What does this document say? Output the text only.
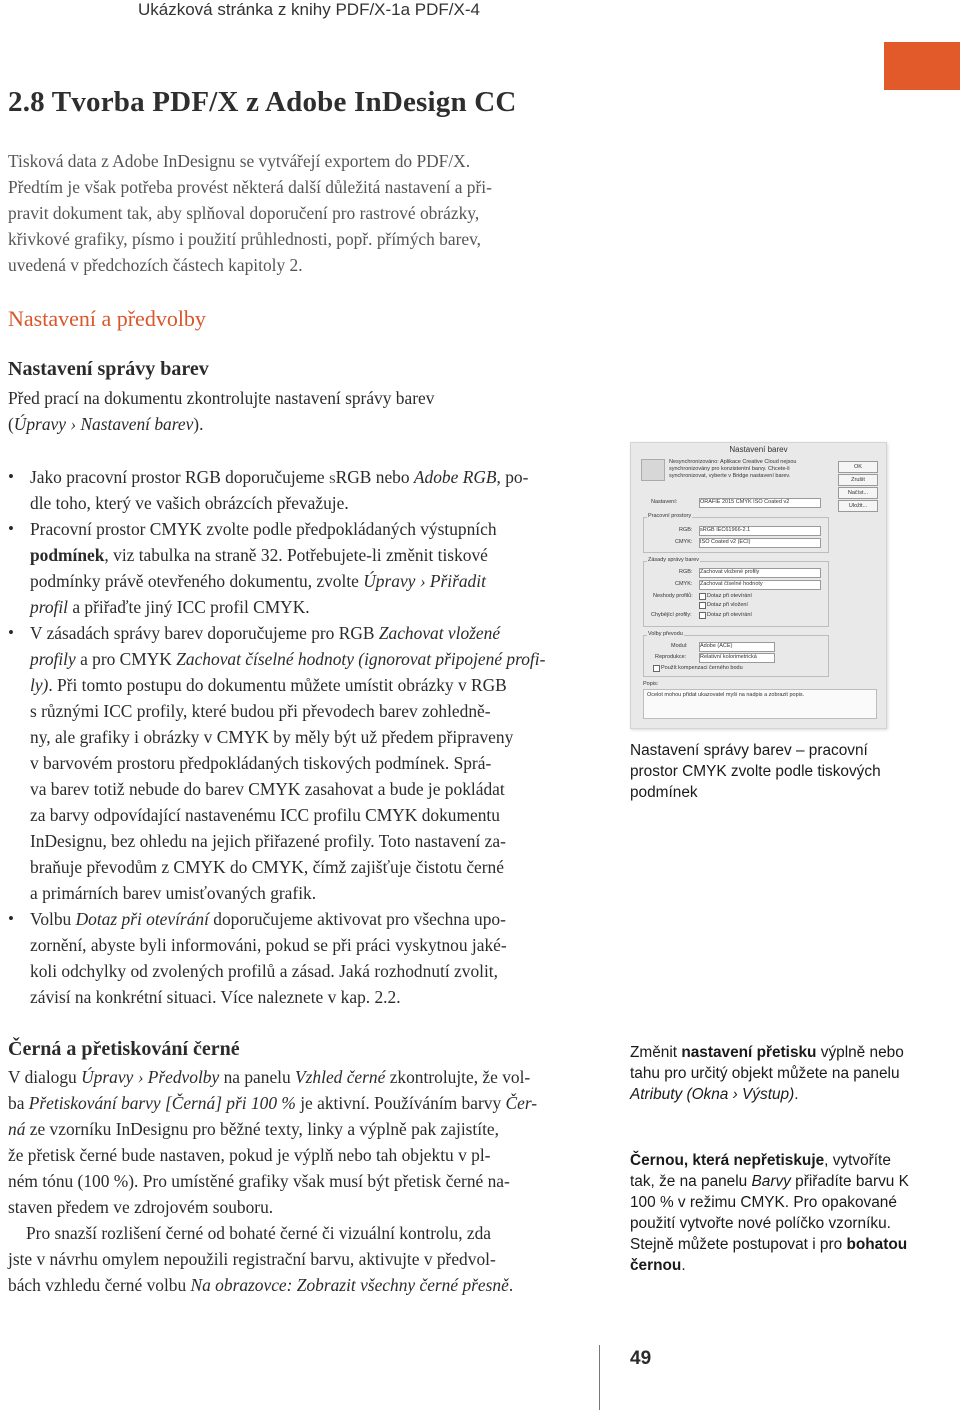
Ukázková stránka z knihy PDF/X-1a PDF/X-4
2.8 Tvorba PDF/X z Adobe InDesign CC

Tisková data z Adobe InDesignu se vytvářejí exportem do PDF/X.

Předtím je však potřeba provést některá další důležitá nastavení a při-

pravit dokument tak, aby splňoval doporučení pro rastrové obrázky,

křivkové grafiky, písmo i použití průhlednosti, popř. přímých barev,

uvedená v předchozích částech kapitoly 2.

Nastavení a předvolby
Nastavení správy barev

Před prací na dokumentu zkontrolujte nastavení správy barev

(Úpravy › Nastavení barev).

• Jako pracovní prostor RGB doporučujeme sRGB nebo Adobe RGB, po-

dle toho, který ve vašich obrázcích převažuje.

• Pracovní prostor CMYK zvolte podle předpokládaných výstupních

podmínek, viz tabulka na straně 32. Potřebujete-li změnit tiskové

podmínky právě otevřeného dokumentu, zvolte Úpravy › Přiřadit

profil a přiřaďte jiný ICC profil CMYK.

• V zásadách správy barev doporučujeme pro RGB Zachovat vložené

profily a pro CMYK Zachovat číselné hodnoty (ignorovat připojené profi-

ly). Při tomto postupu do dokumentu můžete umístit obrázky v RGB

s různými ICC profily, které budou při převodech barev zohledně-

ny, ale grafiky i obrázky v CMYK by měly být už předem připraveny

v barvovém prostoru předpokládaných tiskových podmínek. Sprá-

va barev totiž nebude do barev CMYK zasahovat a bude je pokládat

za barvy odpovídající nastavenému ICC profilu CMYK dokumentu

InDesignu, bez ohledu na jejich přiřazené profily. Toto nastavení za-

braňuje převodům z CMYK do CMYK, čímž zajišťuje čistotu černé

a primárních barev umisťovaných grafik.

• Volbu Dotaz při otevírání doporučujeme aktivovat pro všechna upo-

zornění, abyste byli informováni, pokud se při práci vyskytnou jaké-

koli odchylky od zvolených profilů a zásad. Jaká rozhodnutí zvolit,

závisí na konkrétní situaci. Více naleznete v kap. 2.2.

Černá a přetiskování černé

V dialogu Úpravy › Předvolby na panelu Vzhled černé zkontrolujte, že vol-

ba Přetiskování barvy [Černá] při 100 % je aktivní. Používáním barvy Čer-

ná ze vzorníku InDesignu pro běžné texty, linky a výplně pak zajistíte,

že přetisk černé bude nastaven, pokud je výplň nebo tah objektu v pl-

ném tónu (100 %). Pro umístěné grafiky však musí být přetisk černé na-

staven předem ve zdrojovém souboru.

Pro snazší rozlišení černé od bohaté černé či vizuální kontrolu, zda

jste v návrhu omylem nepoužili registrační barvu, aktivujte v předvol-

bách vzhledu černé volbu Na obrazovce: Zobrazit všechny černé přesně.

Nastavení barev
Nesynchronizováno: Aplikace Creative Cloud nejsou synchronizovány pro konzistentní barvy. Chcete-li synchronizovat, vyberte v Bridge nastavení barev.
OK
Zrušit
Načíst...
Uložit...
Nastavení:	ORAFIE 2015 CMYK ISO Coated v2
Pracovní prostory
RGB: sRGB IEC61966-2.1
CMYK: ISO Coated v2 (ECI)
Zásady správy barev
RGB: Zachovat vložené profily
CMYK: Zachovat číselné hodnoty
Neshody profilů:	Dotaz při otevírání
Dotaz při vložení
Chybějící profily:	Dotaz při otevírání
Volby převodu
Modul: Adobe (ACE)
Reprodukce:	Relativní kolorimetrická
Použít kompenzaci černého bodu
Popis:
Ocelot mohou přidat ukazovatel myši na nadpis a zobrazit popis.
Nastavení správy barev – pracovní prostor CMYK zvolte podle tiskových podmínek
Změnit nastavení přetisku výplně nebo tahu pro určitý objekt můžete na panelu Atributy (Okna › Výstup).
Černou, která nepřetiskuje, vytvoříte tak, že na panelu Barvy přiřadíte barvu K 100 % v režimu CMYK. Pro opakované použití vytvořte nové políčko vzorníku. Stejně můžete postupovat i pro bohatou černou.
49
